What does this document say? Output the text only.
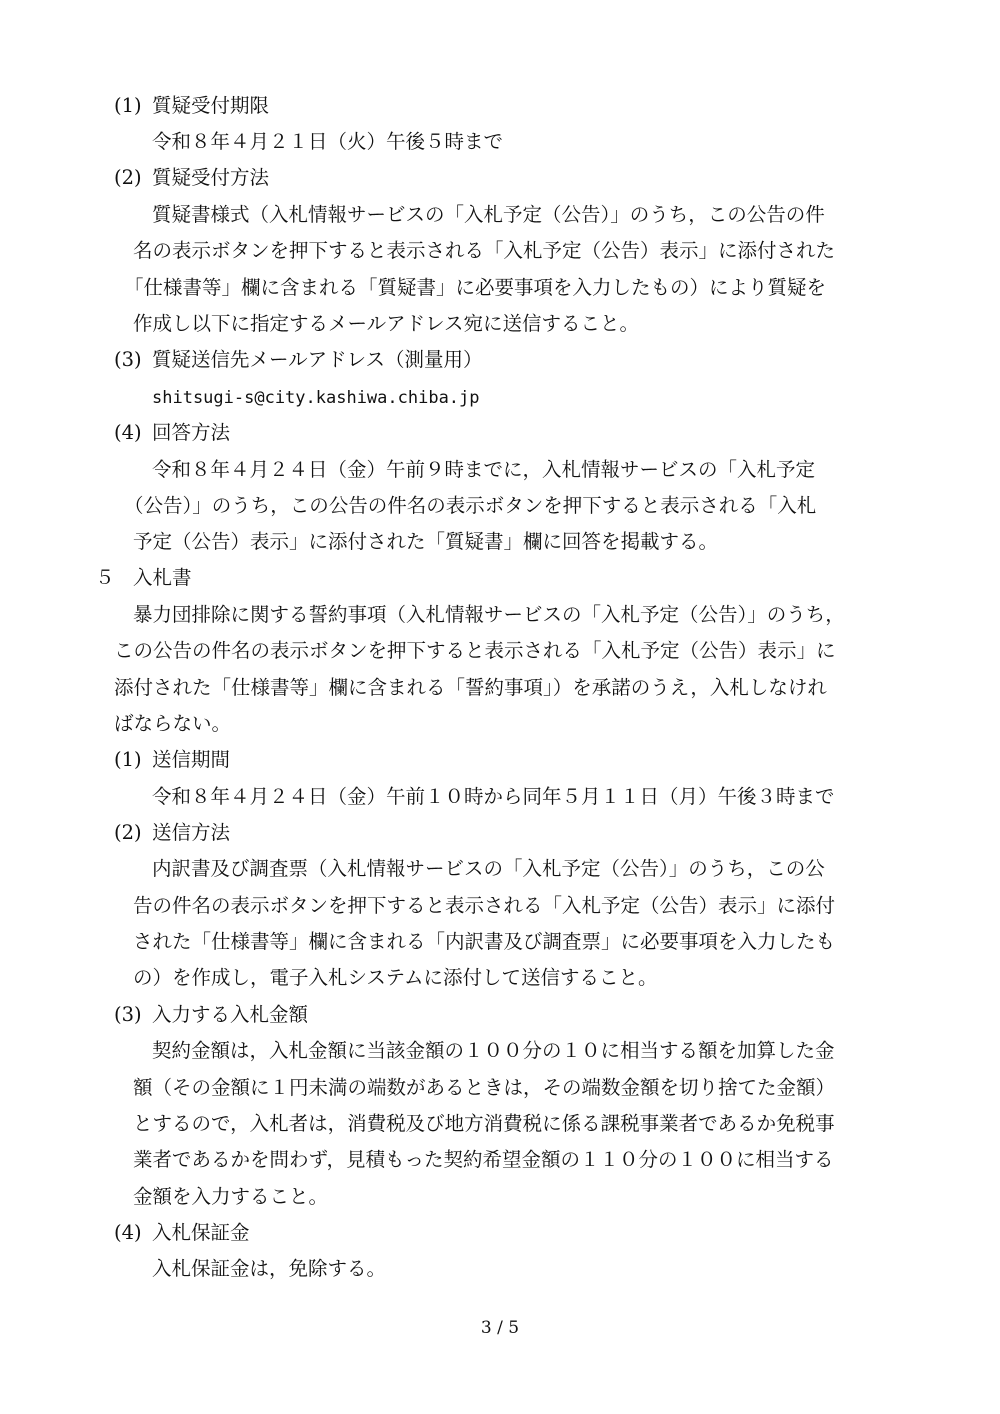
(1) 質疑受付期限
令和８年４月２１日（火）午後５時まで
(2) 質疑受付方法
質疑書様式（入札情報サービスの「入札予定（公告）」のうち，この公告の件
名の表示ボタンを押下すると表示される「入札予定（公告）表示」に添付された
「仕様書等」欄に含まれる「質疑書」に必要事項を入力したもの）により質疑を
作成し以下に指定するメールアドレス宛に送信すること。
(3) 質疑送信先メールアドレス（測量用）
shitsugi-s@city.kashiwa.chiba.jp
(4) 回答方法
令和８年４月２４日（金）午前９時までに，入札情報サービスの「入札予定
（公告）」のうち，この公告の件名の表示ボタンを押下すると表示される「入札
予定（公告）表示」に添付された「質疑書」欄に回答を掲載する。
５ 入札書
暴力団排除に関する誓約事項（入札情報サービスの「入札予定（公告）」のうち，
この公告の件名の表示ボタンを押下すると表示される「入札予定（公告）表示」に
添付された「仕様書等」欄に含まれる「誓約事項」）を承諾のうえ，入札しなけれ
ばならない。
(1) 送信期間
令和８年４月２４日（金）午前１０時から同年５月１１日（月）午後３時まで
(2) 送信方法
内訳書及び調査票（入札情報サービスの「入札予定（公告）」のうち，この公
告の件名の表示ボタンを押下すると表示される「入札予定（公告）表示」に添付
された「仕様書等」欄に含まれる「内訳書及び調査票」に必要事項を入力したも
の）を作成し，電子入札システムに添付して送信すること。
(3) 入力する入札金額
契約金額は，入札金額に当該金額の１００分の１０に相当する額を加算した金
額（その金額に１円未満の端数があるときは，その端数金額を切り捨てた金額）
とするので，入札者は，消費税及び地方消費税に係る課税事業者であるか免税事
業者であるかを問わず，見積もった契約希望金額の１１０分の１００に相当する
金額を入力すること。
(4) 入札保証金
入札保証金は，免除する。
3 / 5
